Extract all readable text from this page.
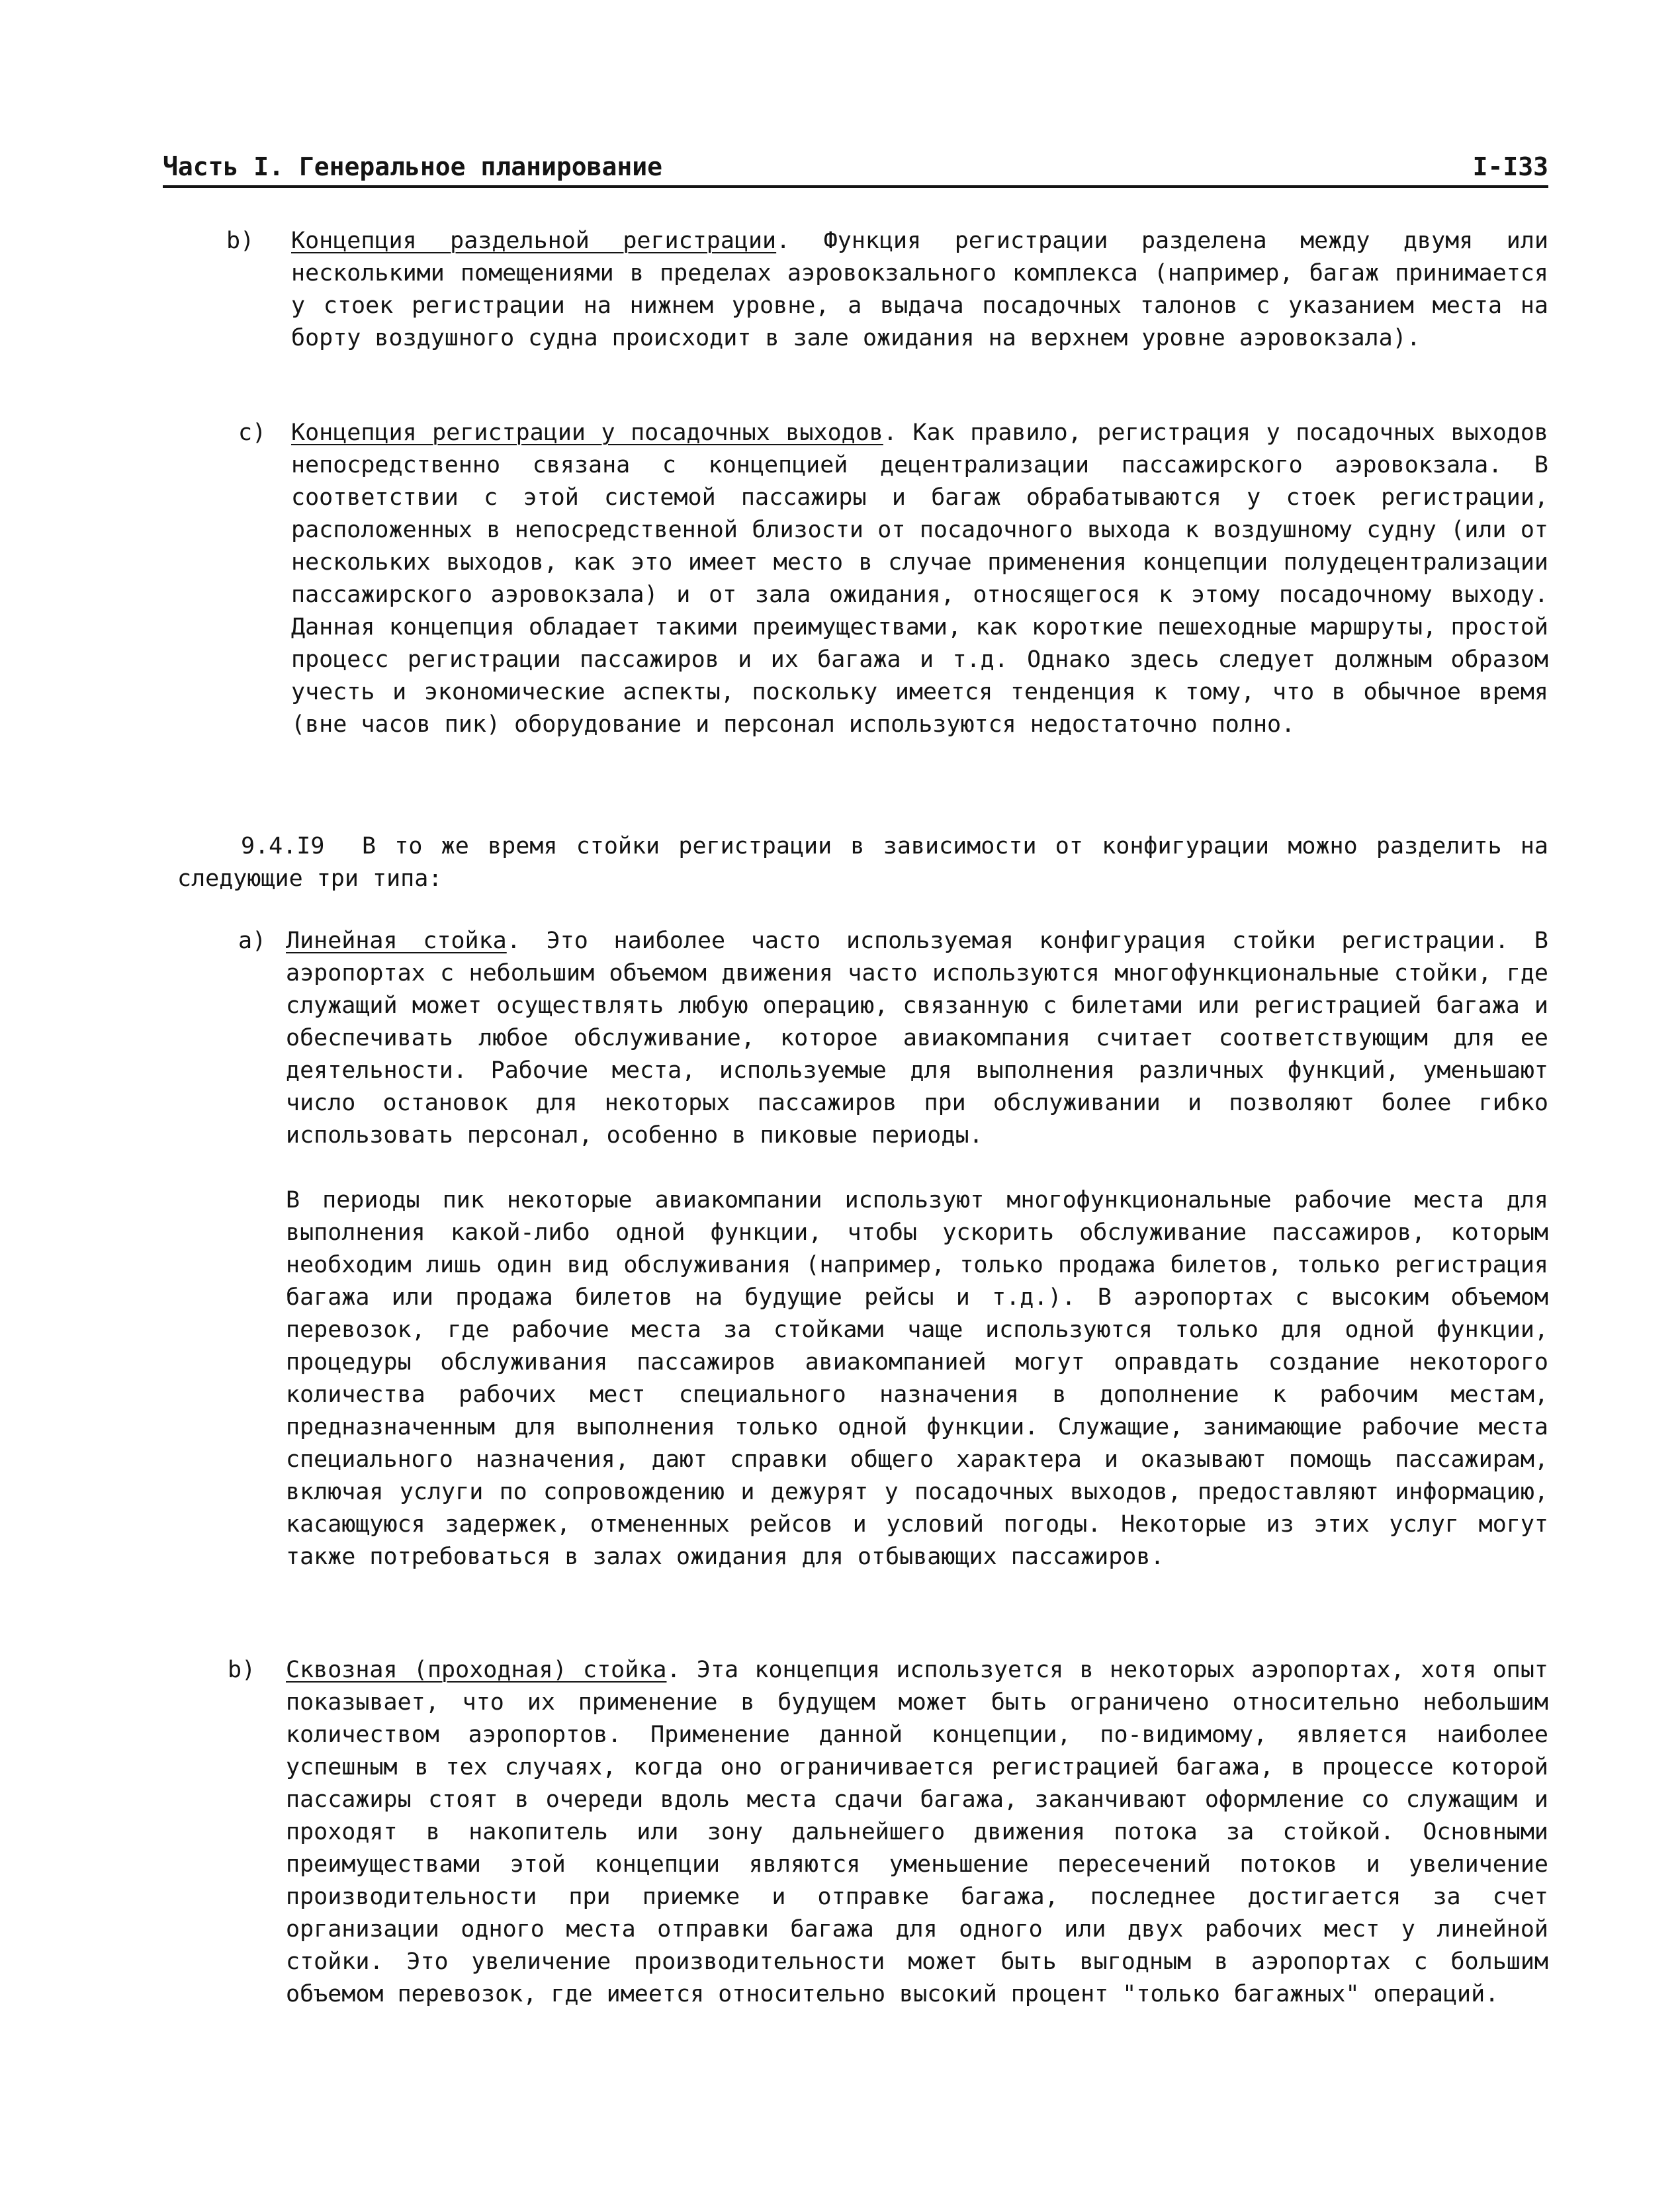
Часть I. Генеральное планирование	I-I33
b) Концепция раздельной регистрации. Функция регистрации разделена между двумя или несколькими помещениями в пределах аэровокзального комплекса (например, багаж принимается у стоек регистрации на нижнем уровне, а выдача посадочных талонов с указанием места на борту воздушного судна происходит в зале ожидания на верхнем уровне аэровокзала).
c) Концепция регистрации у посадочных выходов. Как правило, регистрация у посадочных выходов непосредственно связана с концепцией децентрализации пассажирского аэровокзала. В соответствии с этой системой пассажиры и багаж обрабатываются у стоек регистрации, расположенных в непосредственной близости от посадочного выхода к воздушному судну (или от нескольких выходов, как это имеет место в случае применения концепции полудецентрализации пассажирского аэровокзала) и от зала ожидания, относящегося к этому посадочному выходу. Данная концепция обладает такими преимуществами, как короткие пешеходные маршруты, простой процесс регистрации пассажиров и их багажа и т.д. Однако здесь следует должным образом учесть и экономические аспекты, поскольку имеется тенденция к тому, что в обычное время (вне часов пик) оборудование и персонал используются недостаточно полно.
9.4.I9 В то же время стойки регистрации в зависимости от конфигурации можно разделить на следующие три типа:
a) Линейная стойка. Это наиболее часто используемая конфигурация стойки регистрации. В аэропортах с небольшим объемом движения часто используются многофункциональные стойки, где служащий может осуществлять любую операцию, связанную с билетами или регистрацией багажа и обеспечивать любое обслуживание, которое авиакомпания считает соответствующим для ее деятельности. Рабочие места, используемые для выполнения различных функций, уменьшают число остановок для некоторых пассажиров при обслуживании и позволяют более гибко использовать персонал, особенно в пиковые периоды.
В периоды пик некоторые авиакомпании используют многофункциональные рабочие места для выполнения какой-либо одной функции, чтобы ускорить обслуживание пассажиров, которым необходим лишь один вид обслуживания (например, только продажа билетов, только регистрация багажа или продажа билетов на будущие рейсы и т.д.). В аэропортах с высоким объемом перевозок, где рабочие места за стойками чаще используются только для одной функции, процедуры обслуживания пассажиров авиакомпанией могут оправдать создание некоторого количества рабочих мест специального назначения в дополнение к рабочим местам, предназначенным для выполнения только одной функции. Служащие, занимающие рабочие места специального назначения, дают справки общего характера и оказывают помощь пассажирам, включая услуги по сопровождению и дежурят у посадочных выходов, предоставляют информацию, касающуюся задержек, отмененных рейсов и условий погоды. Некоторые из этих услуг могут также потребоваться в залах ожидания для отбывающих пассажиров.
b) Сквозная (проходная) стойка. Эта концепция используется в некоторых аэропортах, хотя опыт показывает, что их применение в будущем может быть ограничено относительно небольшим количеством аэропортов. Применение данной концепции, по-видимому, является наиболее успешным в тех случаях, когда оно ограничивается регистрацией багажа, в процессе которой пассажиры стоят в очереди вдоль места сдачи багажа, заканчивают оформление со служащим и проходят в накопитель или зону дальнейшего движения потока за стойкой. Основными преимуществами этой концепции являются уменьшение пересечений потоков и увеличение производительности при приемке и отправке багажа, последнее достигается за счет организации одного места отправки багажа для одного или двух рабочих мест у линейной стойки. Это увеличение производительности может быть выгодным в аэропортах с большим объемом перевозок, где имеется относительно высокий процент "только багажных" операций.
